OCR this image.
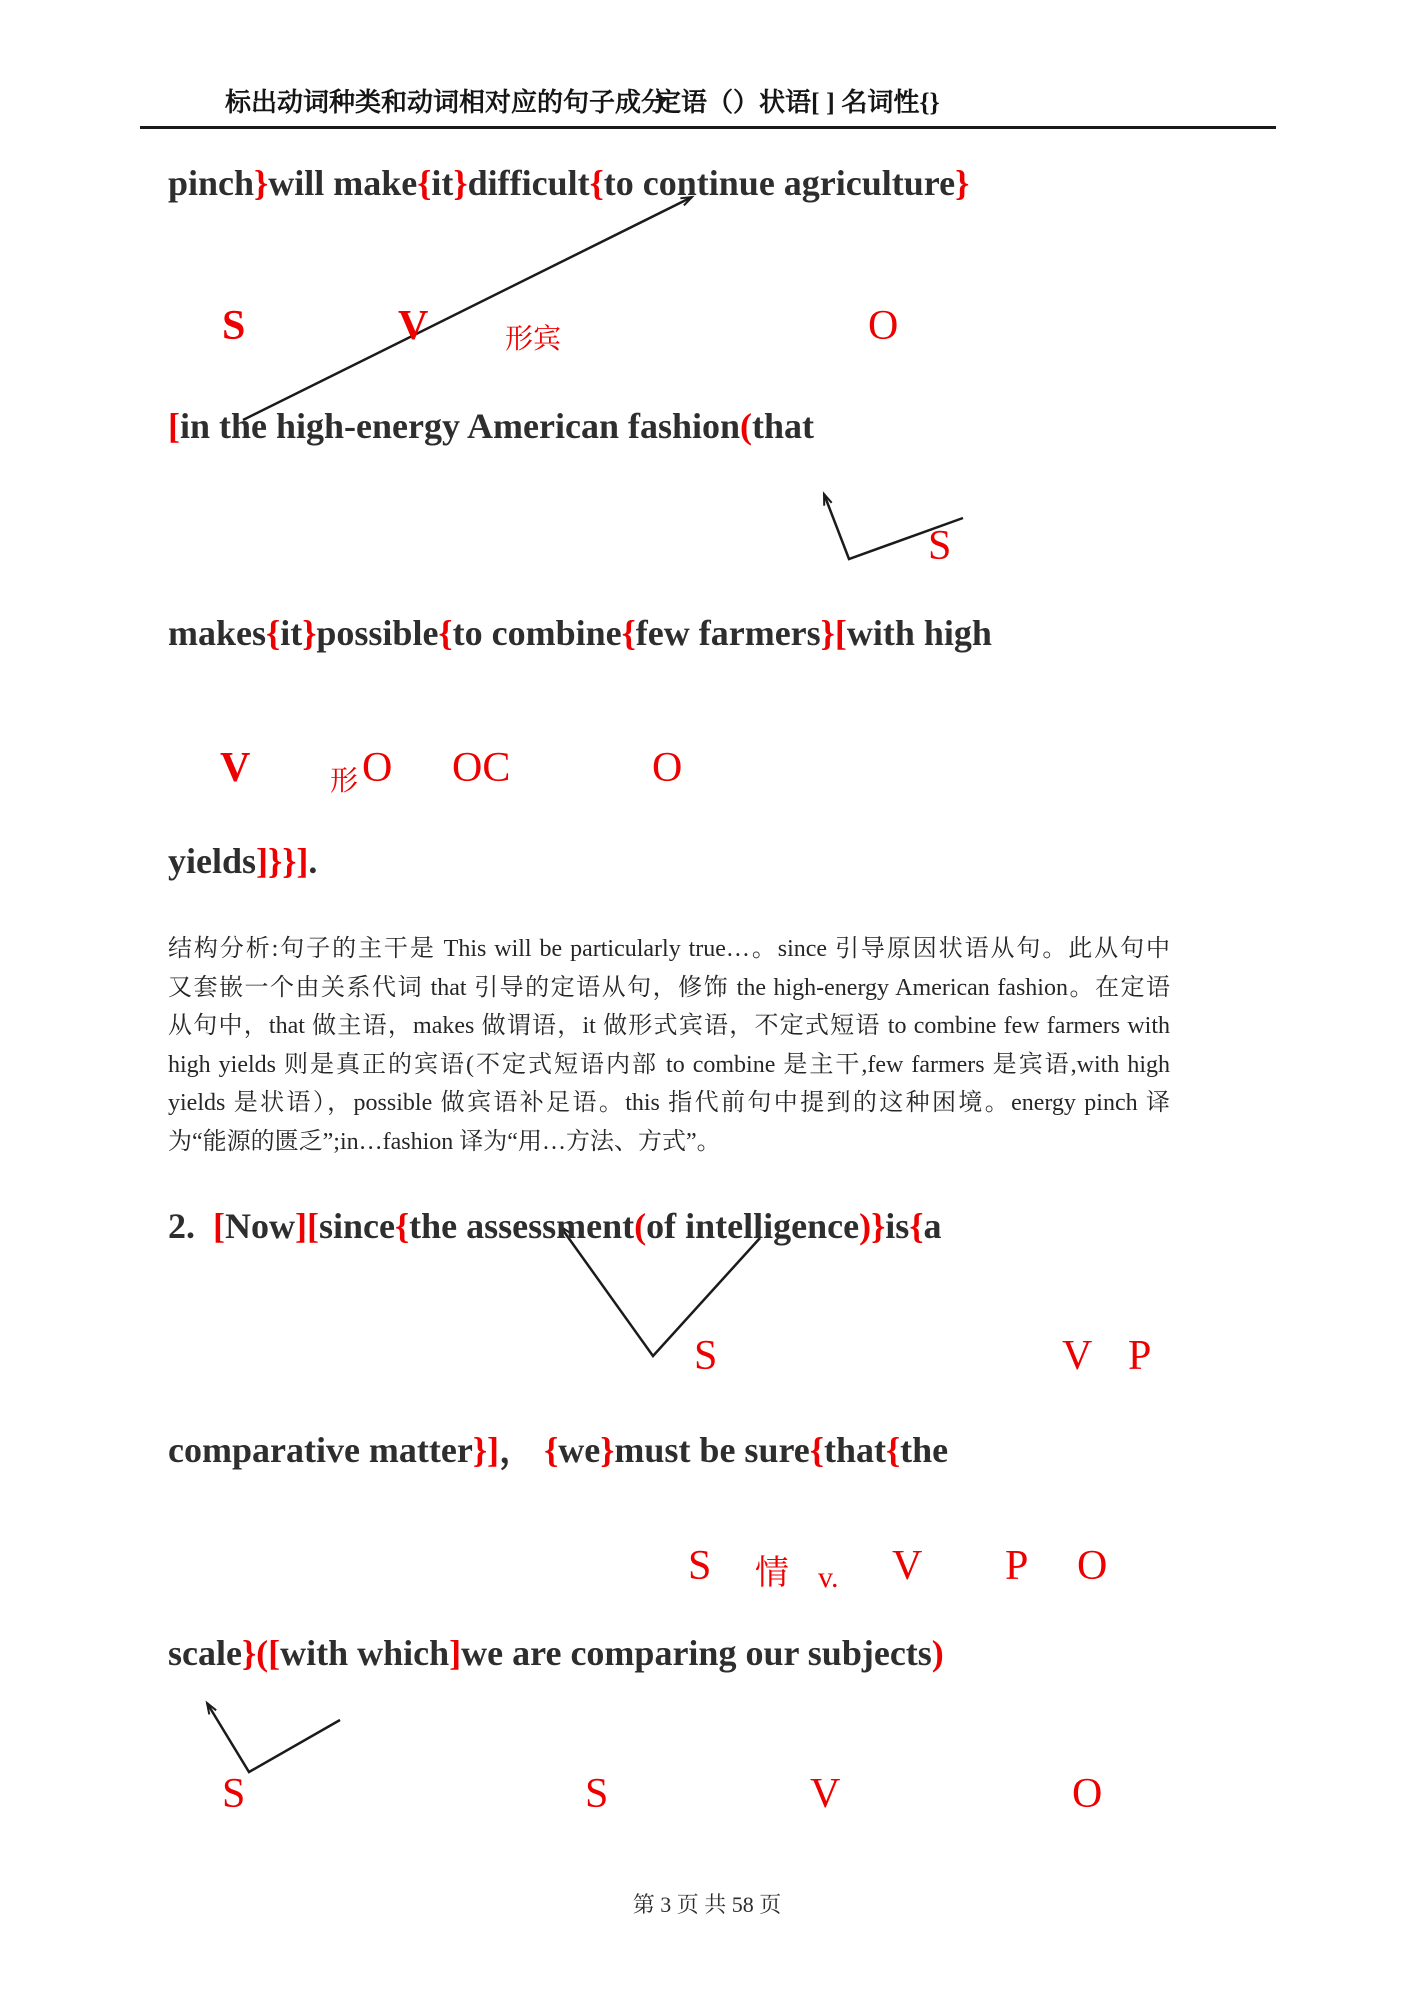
标出动词种类和动词相对应的句子成分
定语（）状语[ ] 名词性{}
pinch}will make{it}difficult{to continue agriculture}
S	V	形宾	O
[in the high-energy American fashion(that
S
makes{it}possible{to combine{few farmers}[with high
V	形 O OC	O
yields]}}].
结构分析:句子的主干是 This will be particularly true…。since 引导原因状语从句。此从句中
又套嵌一个由关系代词 that 引导的定语从句，修饰 the high-energy American fashion。在定语
从句中，that 做主语，makes 做谓语，it 做形式宾语，不定式短语 to combine few farmers with
high yields 则是真正的宾语(不定式短语内部 to combine 是主干,few farmers 是宾语,with high
yields 是状语），possible 做宾语补足语。this 指代前句中提到的这种困境。energy pinch 译
为“能源的匮乏”;in…fashion 译为“用…方法、方式”。
2.  [Now][since{the assessment(of intelligence)}is{a
S	V P
comparative matter}]， {we}must be sure{that{the
S 情 v. V P O
scale}([with which]we are comparing our subjects)
S	S	V	O
第 3 页 共 58 页
